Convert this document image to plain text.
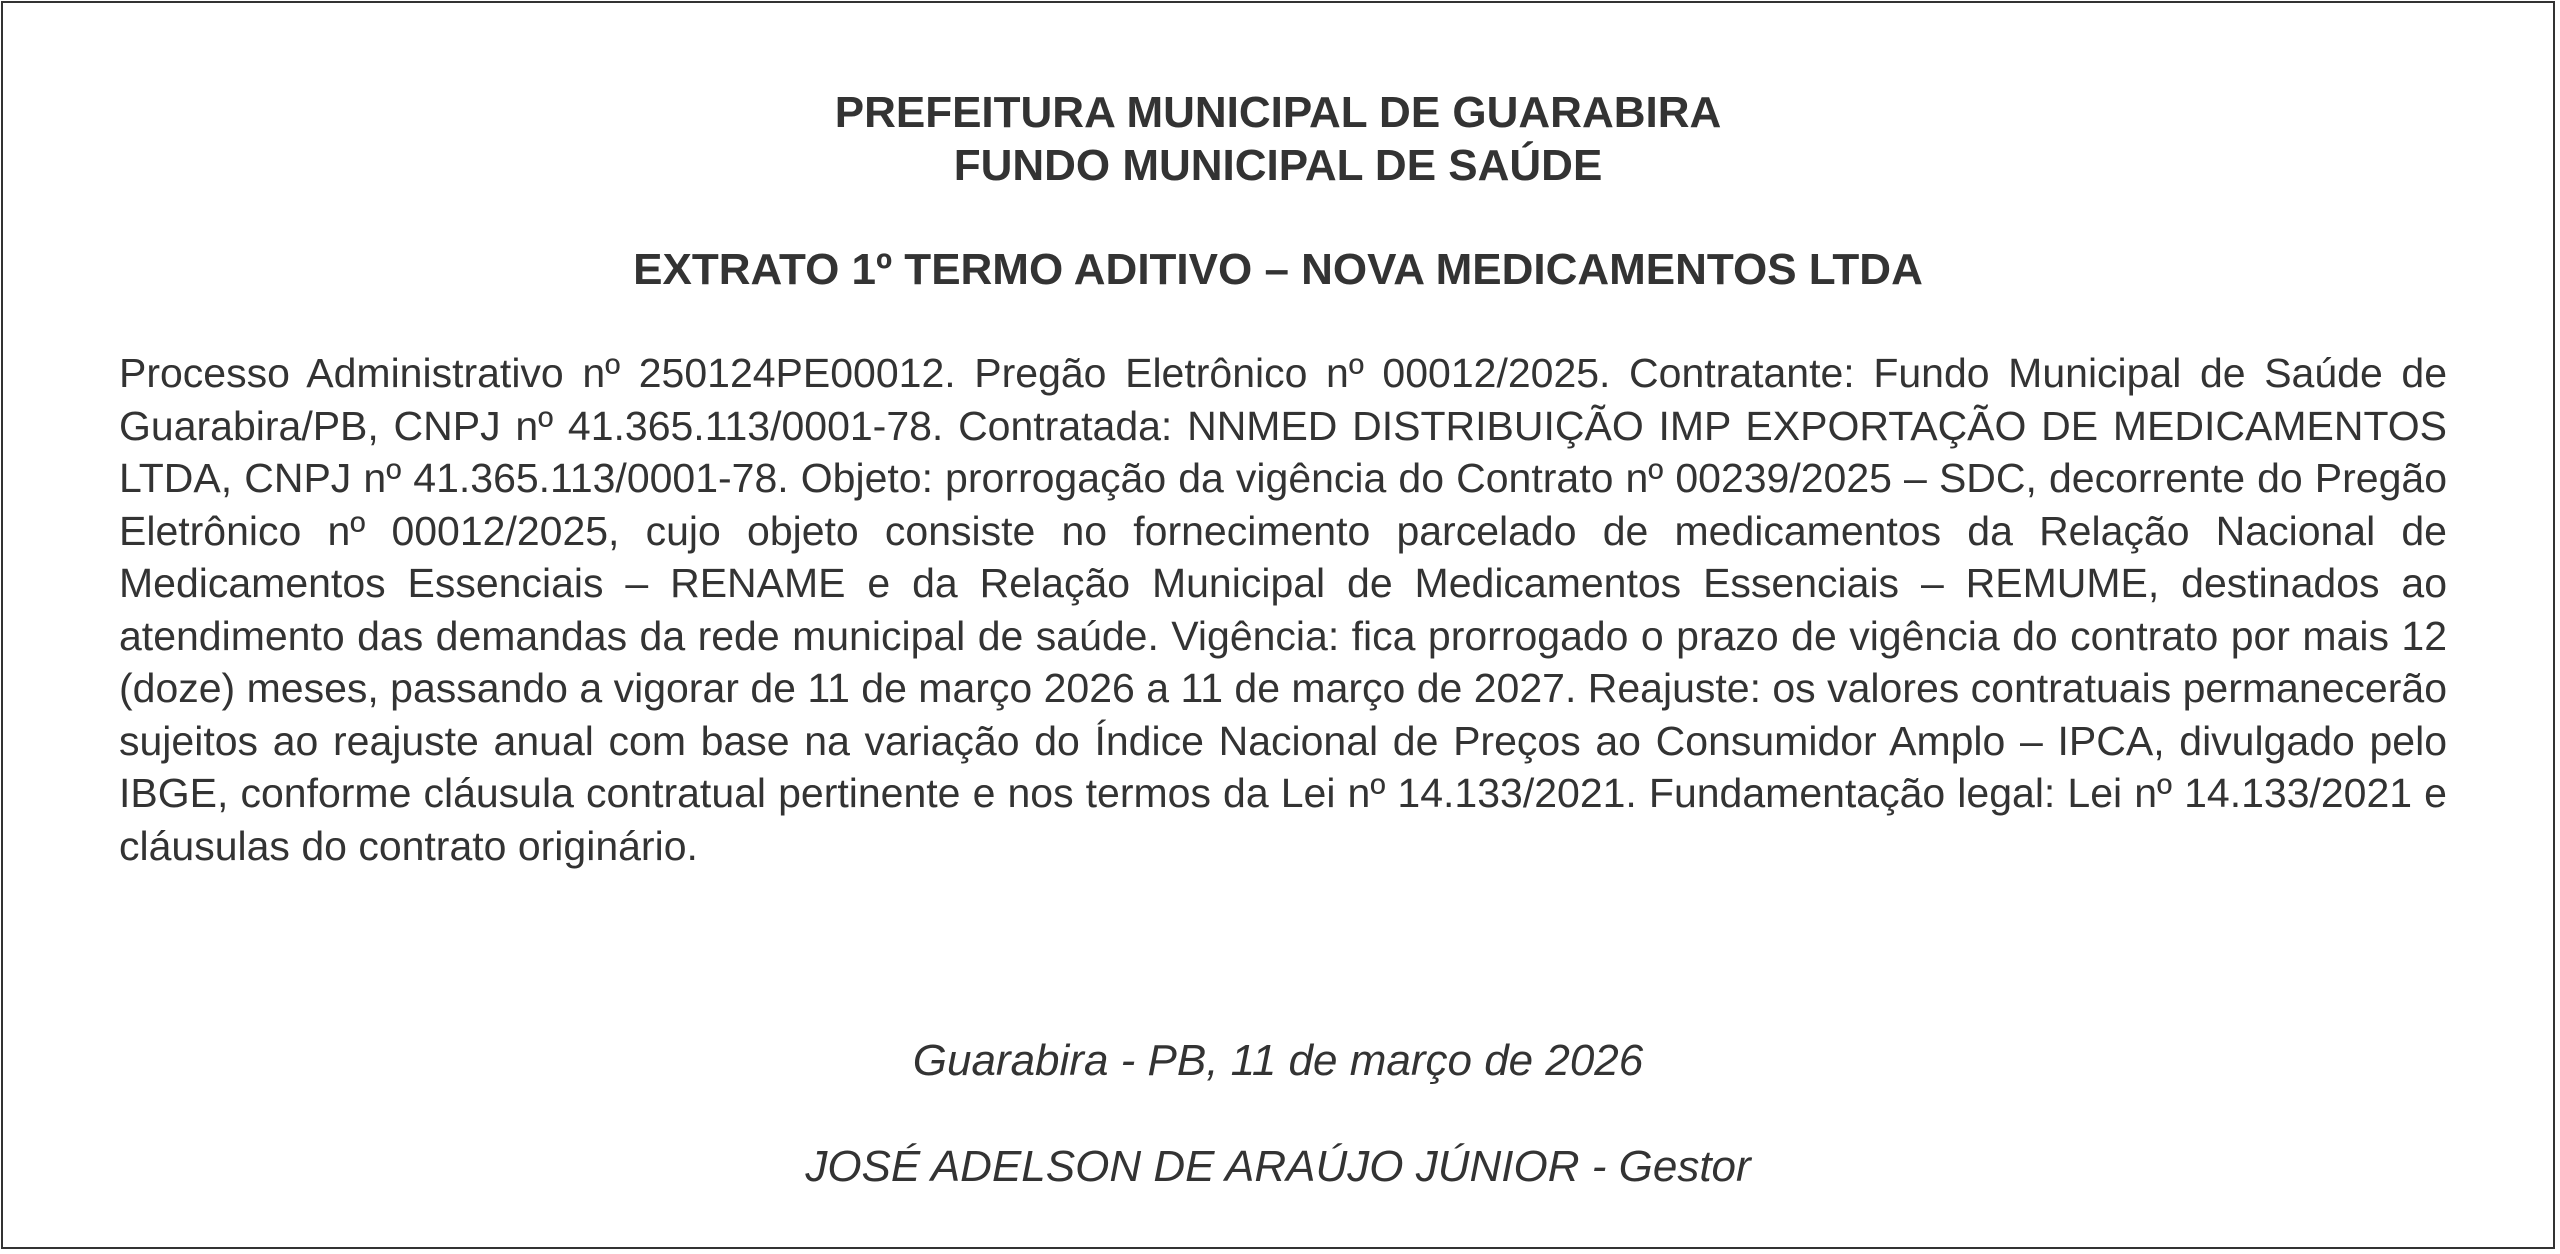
PREFEITURA MUNICIPAL DE GUARABIRA

FUNDO MUNICIPAL DE SAÚDE

EXTRATO 1º TERMO ADITIVO – NOVA MEDICAMENTOS LTDA

Processo Administrativo nº 250124PE00012. Pregão Eletrônico nº 00012/2025. Contratante: Fundo Municipal de Saúde de Guarabira/PB, CNPJ nº 41.365.113/0001-78. Contratada: NNMED DISTRIBUIÇÃO IMP EXPORTAÇÃO DE MEDICAMENTOS LTDA, CNPJ nº 41.365.113/0001-78. Objeto: prorrogação da vigência do Contrato nº 00239/2025 – SDC, decorrente do Pregão Eletrônico nº 00012/2025, cujo objeto consiste no fornecimento parcelado de medicamentos da Relação Nacional de Medicamentos Essenciais – RENAME e da Relação Municipal de Medicamentos Essenciais – REMUME, destinados ao atendimento das demandas da rede municipal de saúde. Vigência: fica prorrogado o prazo de vigência do contrato por mais 12 (doze) meses, passando a vigorar de 11 de março 2026 a 11 de março de 2027. Reajuste: os valores contratuais permanecerão sujeitos ao reajuste anual com base na variação do Índice Nacional de Preços ao Consumidor Amplo – IPCA, divulgado pelo IBGE, conforme cláusula contratual pertinente e nos termos da Lei nº 14.133/2021. Fundamentação legal: Lei nº 14.133/2021 e cláusulas do contrato originário.

Guarabira - PB, 11 de março de 2026

JOSÉ ADELSON DE ARAÚJO JÚNIOR - Gestor
